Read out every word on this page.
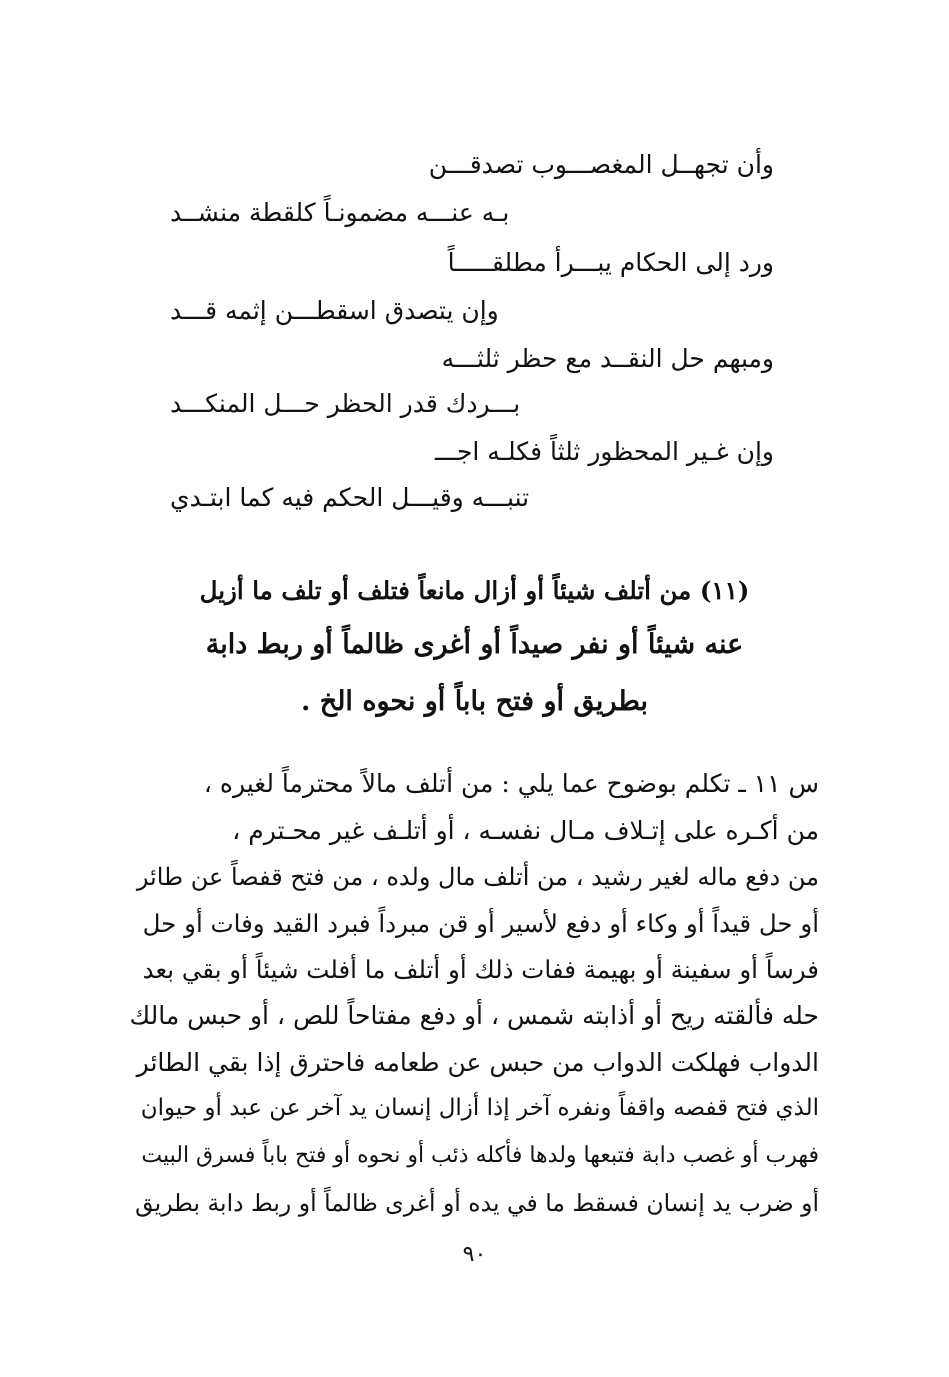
وأن تجهــل المغصـــوب تصدقـــن
بـه عنـــه مضمونـاً كلقطة منشــد
ورد إلى الحكام يبـــرأ مطلقـــــاً
وإن يتصدق اسقطـــن إثمه قـــد
ومبهم حل النقــد مع حظر ثلثـــه
بـــردك قدر الحظر حـــل المنكـــد
وإن غـير المحظور ثلثاً فكلـه اجـــ
تنبـــه وقيـــل الحكم فيه كما ابتـدي
(١١) من أتلف شيئاً أو أزال مانعاً فتلف أو تلف ما أزيل
عنه شيئاً أو نفر صيداً أو أغرى ظالماً أو ربط دابة
بطريق أو فتح باباً أو نحوه الخ .
س ١١ ـ تكلم بوضوح عما يلي : من أتلف مالاً محترماً لغيره ،
من أكـره على إتـلاف مـال نفسـه ، أو أتلـف غير محـترم ،
من دفع ماله لغير رشيد ، من أتلف مال ولده ، من فتح قفصاً عن طائر
أو حل قيداً أو وكاء أو دفع لأسير أو قن مبرداً فبرد القيد وفات أو حل
فرساً أو سفينة أو بهيمة ففات ذلك أو أتلف ما أفلت شيئاً أو بقي بعد
حله فألقته ريح أو أذابته شمس ، أو دفع مفتاحاً للص ، أو حبس مالك
الدواب فهلكت الدواب من حبس عن طعامه فاحترق إذا بقي الطائر
الذي فتح قفصه واقفاً ونفره آخر إذا أزال إنسان يد آخر عن عبد أو حيوان
فهرب أو غصب دابة فتبعها ولدها فأكله ذئب أو نحوه أو فتح باباً فسرق البيت
أو ضرب يد إنسان فسقط ما في يده أو أغرى ظالماً أو ربط دابة بطريق
٩٠
